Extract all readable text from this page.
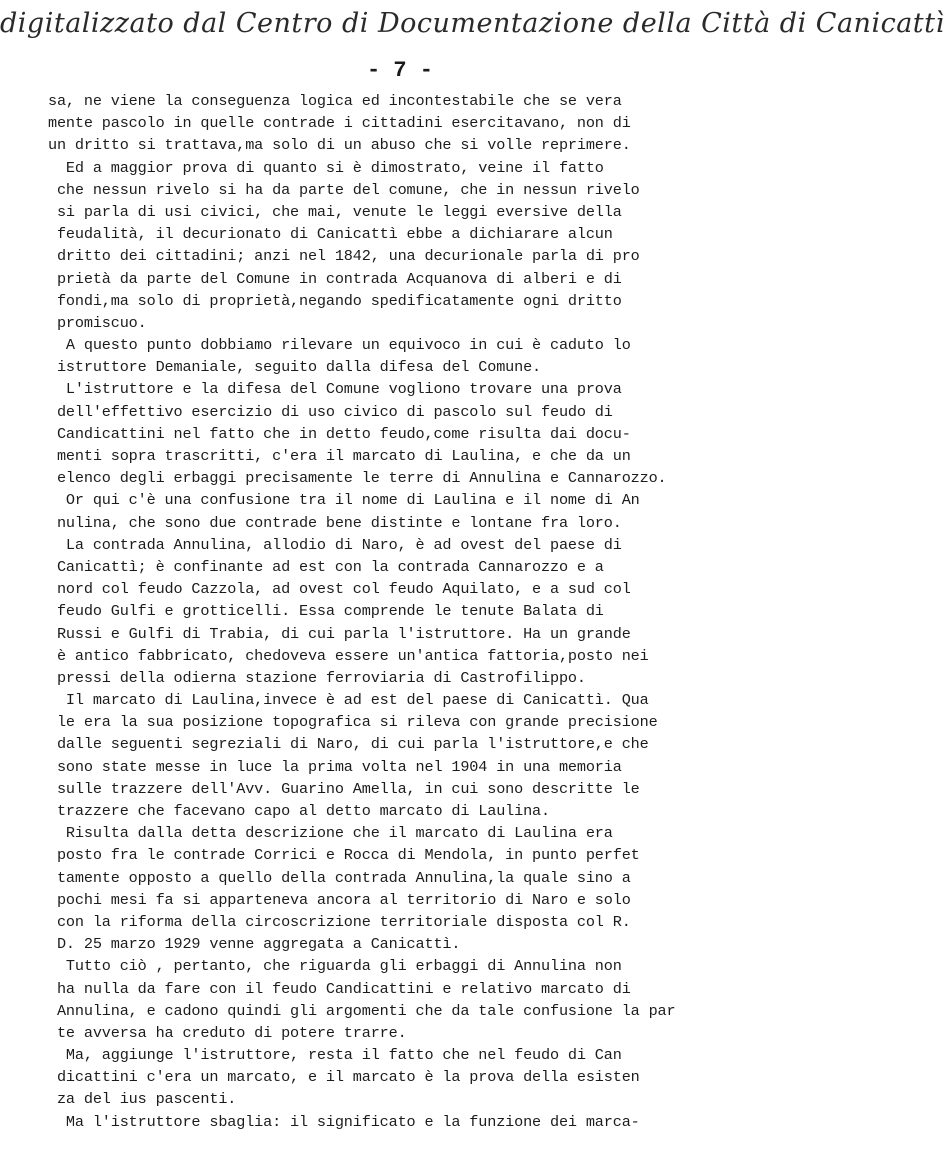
digitalizzato dal Centro di Documentazione della Città di Canicattì
- 7 -
sa, ne viene la conseguenza logica ed incontestabile che se vera
mente pascolo in quelle contrade i cittadini esercitavano, non di
un dritto si trattava,ma solo di un abuso che si volle reprimere.
Ed a maggior prova di quanto si è dimostrato, veine il fatto
che nessun rivelo si ha da parte del comune, che in nessun rivelo
si parla di usi civici, che mai, venute le leggi eversive della
feudalità, il decurionato di Canicattì ebbe a dichiarare alcun
dritto dei cittadini; anzi nel 1842, una decurionale parla di pro
prietà da parte del Comune in contrada Acquanova di alberi e di
fondi,ma solo di proprietà,negando spedificatamente ogni dritto
promiscuo.
A questo punto dobbiamo rilevare un equivoco in cui è caduto lo
istruttore Demaniale, seguito dalla difesa del Comune.
L'istruttore e la difesa del Comune vogliono trovare una prova
dell'effettivo esercizio di uso civico di pascolo sul feudo di
Candicattini nel fatto che in detto feudo,come risulta dai docu-
menti sopra trascritti, c'era il marcato di Laulina, e che da un
elenco degli erbaggi precisamente le terre di Annulina e Cannarozzo.
Or qui c'è una confusione tra il nome di Laulina e il nome di An
nulina, che sono due contrade bene distinte e lontane fra loro.
La contrada Annulina, allodio di Naro, è ad ovest del paese di
Canicattì; è confinante ad est con la contrada Cannarozzo e a
nord col feudo Cazzola, ad ovest col feudo Aquilato, e a sud col
feudo Gulfi e grotticelli. Essa comprende le tenute Balata di
Russi e Gulfi di Trabia, di cui parla l'istruttore. Ha un grande
è antico fabbricato, chedoveva essere un'antica fattoria,posto nei
pressi della odierna stazione ferroviaria di Castrofilippo.
Il marcato di Laulina,invece è ad est del paese di Canicattì. Qua
le era la sua posizione topografica si rileva con grande precisione
dalle seguenti segreziali di Naro, di cui parla l'istruttore,e che
sono state messe in luce la prima volta nel 1904 in una memoria
sulle trazzere dell'Avv. Guarino Amella, in cui sono descritte le
trazzere che facevano capo al detto marcato di Laulina.
Risulta dalla detta descrizione che il marcato di Laulina era
posto fra le contrade Corrici e Rocca di Mendola, in punto perfet
tamente opposto a quello della contrada Annulina,la quale sino a
pochi mesi fa si apparteneva ancora al territorio di Naro e solo
con la riforma della circoscrizione territoriale disposta col R.
D. 25 marzo 1929 venne aggregata a Canicattì.
Tutto ciò , pertanto, che riguarda gli erbaggi di Annulina non
ha nulla da fare con il feudo Candicattini e relativo marcato di
Annulina, e cadono quindi gli argomenti che da tale confusione la par
te avversa ha creduto di potere trarre.
Ma, aggiunge l'istruttore, resta il fatto che nel feudo di Can
dicattini c'era un marcato, e il marcato è la prova della esisten
za del ius pascenti.
Ma l'istruttore sbaglia: il significato e la funzione dei marca-
